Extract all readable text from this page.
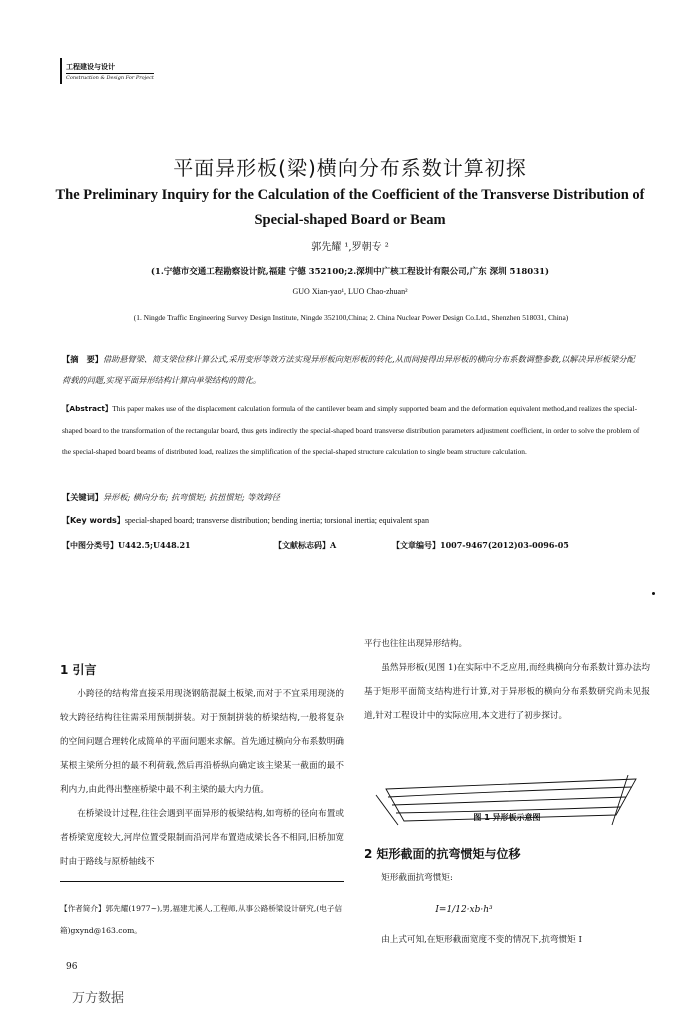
工程建设与设计
Construction & Design For Project
平面异形板(梁)横向分布系数计算初探
The Preliminary Inquiry for the Calculation of the Coefficient of the Transverse Distribution of
Special-shaped Board or Beam
郭先耀 ¹,罗朝专 ²
(1.宁德市交通工程勘察设计院,福建 宁德 352100;2.深圳中广核工程设计有限公司,广东 深圳 518031)
GUO Xian-yao¹, LUO Chao-zhuan²
(1. Ningde Traffic Engineering Survey Design Institute, Ningde 352100,China; 2. China Nuclear Power Design Co.Ltd., Shenzhen 518031, China)
【摘　要】借助悬臂梁、简支梁位移计算公式,采用变形等效方法实现异形板向矩形板的转化,从而间接得出异形板的横向分布系数调整参数,以解决异形板梁分配荷载的问题,实现平面异形结构计算向单梁结构的简化。
【Abstract】This paper makes use of the displacement calculation formula of the cantilever beam and simply supported beam and the deformation equivalent method,and realizes the special-shaped board to the transformation of the rectangular board, thus gets indirectly the special-shaped board transverse distribution parameters adjustment coefficient, in order to solve the problem of the special-shaped board beams of distributed load, realizes the simplification of the special-shaped structure calculation to single beam structure calculation.
【关键词】异形板; 横向分布; 抗弯惯矩; 抗扭惯矩; 等效跨径
【Key words】special-shaped board; transverse distribution; bending inertia; torsional inertia; equivalent span
【中图分类号】U442.5;U448.21	【文献标志码】A	【文章编号】1007-9467(2012)03-0096-05
1 引言

小跨径的结构常直接采用现浇钢筋混凝土板梁,而对于不宜采用现浇的较大跨径结构往往需采用预制拼装。对于预制拼装的桥梁结构,一般将复杂的空间问题合理转化成简单的平面问题来求解。首先通过横向分布系数明确某根主梁所分担的最不利荷载,然后再沿桥纵向确定该主梁某一截面的最不利内力,由此得出整座桥梁中最不利主梁的最大内力值。

在桥梁设计过程,往往会遇到平面异形的板梁结构,如弯桥的径向布置或者桥梁宽度较大,河岸位置受限制而沿河岸布置造成梁长各不相同,旧桥加宽时由于路线与原桥轴线不

【作者简介】郭先耀(1977~),男,福建尤溪人,工程师,从事公路桥梁设计研究,(电子信箱)gxynd@163.com。

平行也往往出现异形结构。

虽然异形板(见图 1)在实际中不乏应用,而经典横向分布系数计算办法均基于矩形平面简支结构进行计算,对于异形板的横向分布系数研究尚未见报道,针对工程设计中的实际应用,本文进行了初步探讨。

图 1 异形板示意图
2 矩形截面的抗弯惯矩与位移

矩形截面抗弯惯矩:

I=1/12·xb·h³

由上式可知,在矩形截面宽度不变的情况下,抗弯惯矩 I

96
万方数据
